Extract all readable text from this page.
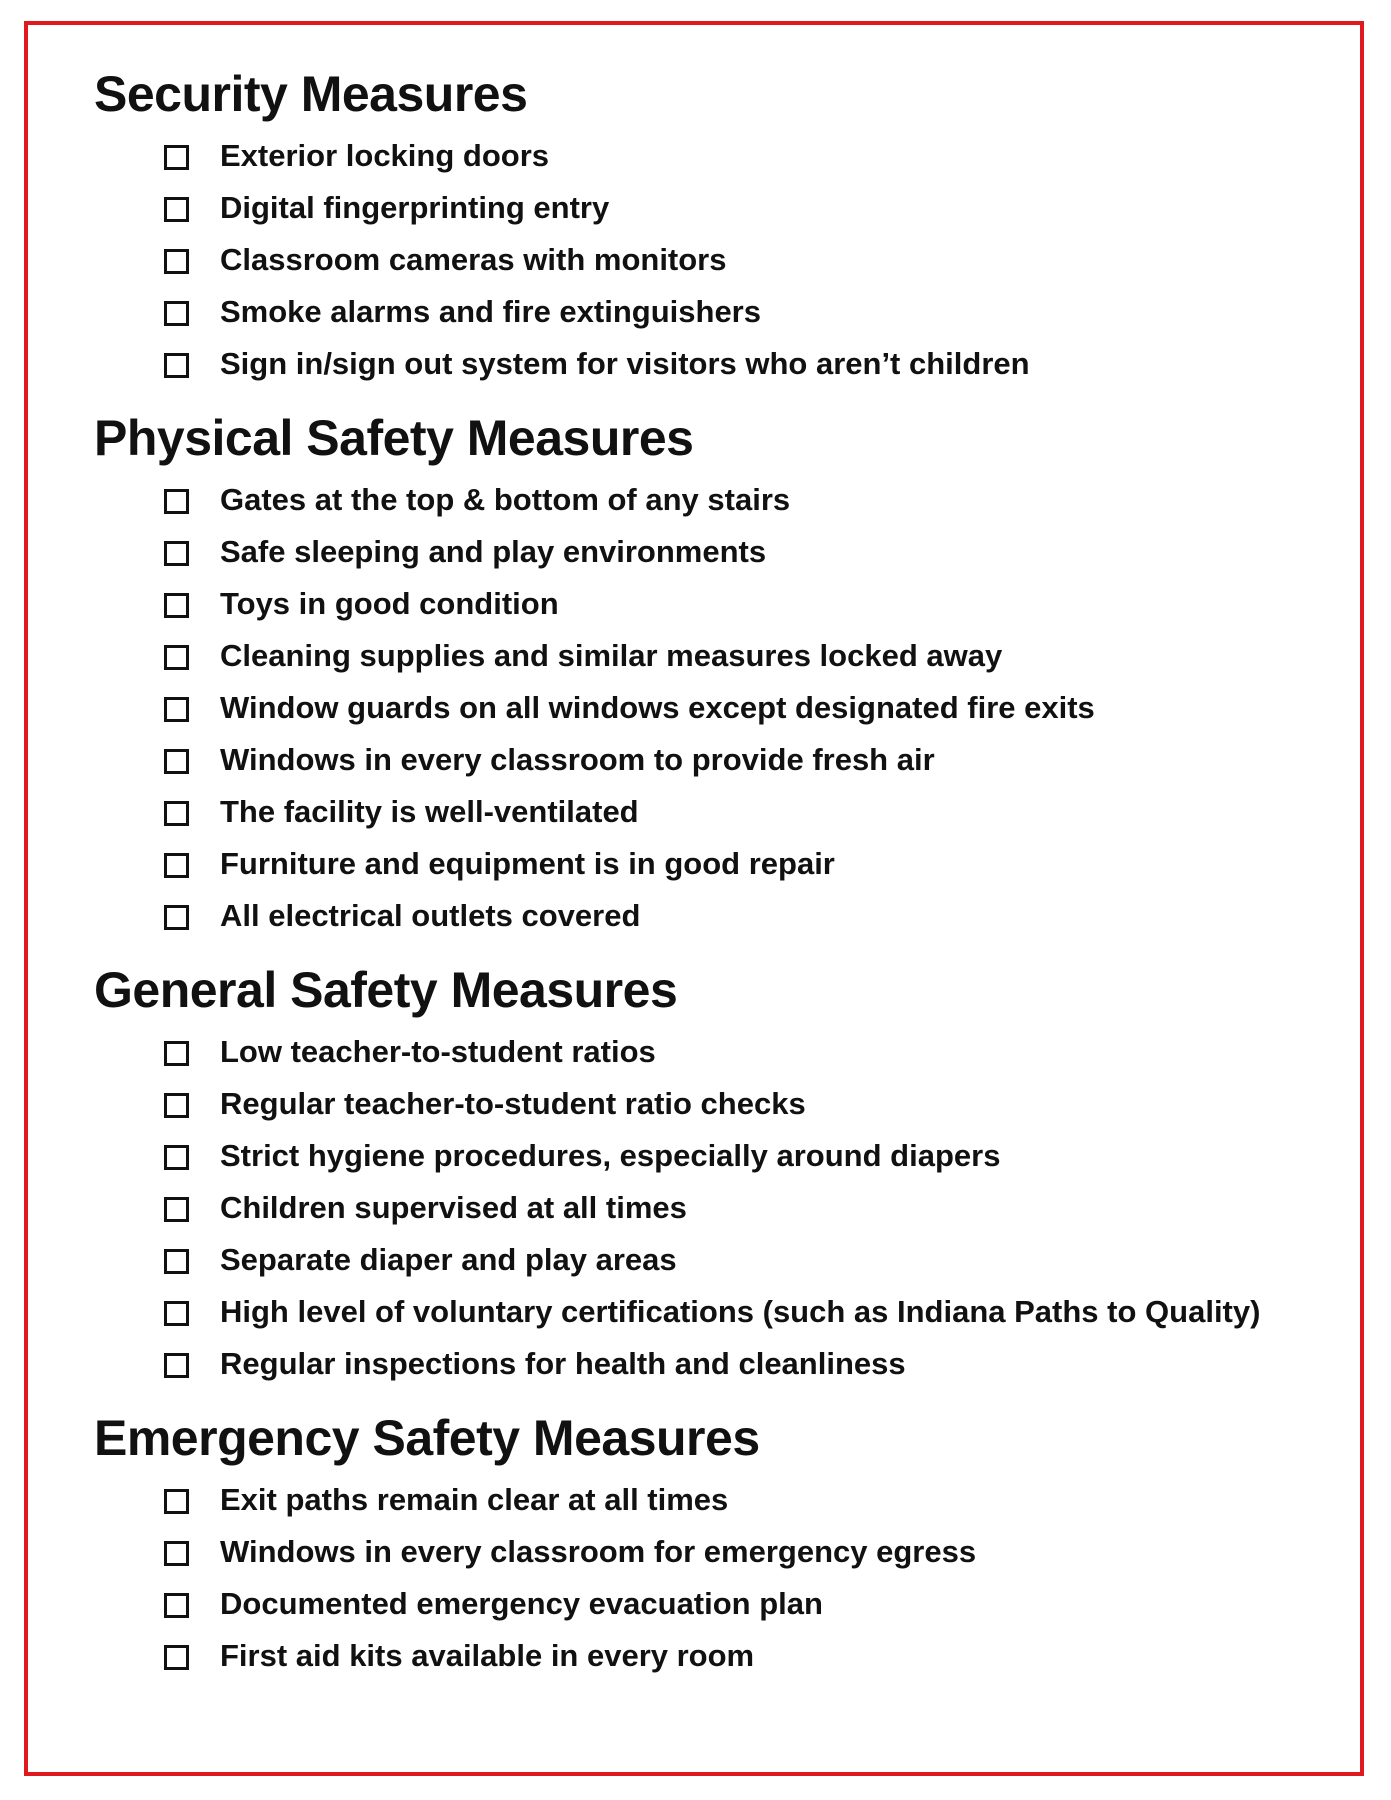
Security Measures
Exterior locking doors
Digital fingerprinting entry
Classroom cameras with monitors
Smoke alarms and fire extinguishers
Sign in/sign out system for visitors who aren’t children
Physical Safety Measures
Gates at the top & bottom of any stairs
Safe sleeping and play environments
Toys in good condition
Cleaning supplies and similar measures locked away
Window guards on all windows except designated fire exits
Windows in every classroom to provide fresh air
The facility is well-ventilated
Furniture and equipment is in good repair
All electrical outlets covered
General Safety Measures
Low teacher-to-student ratios
Regular teacher-to-student ratio checks
Strict hygiene procedures, especially around diapers
Children supervised at all times
Separate diaper and play areas
High level of voluntary certifications (such as Indiana Paths to Quality)
Regular inspections for health and cleanliness
Emergency Safety Measures
Exit paths remain clear at all times
Windows in every classroom for emergency egress
Documented emergency evacuation plan
First aid kits available in every room
